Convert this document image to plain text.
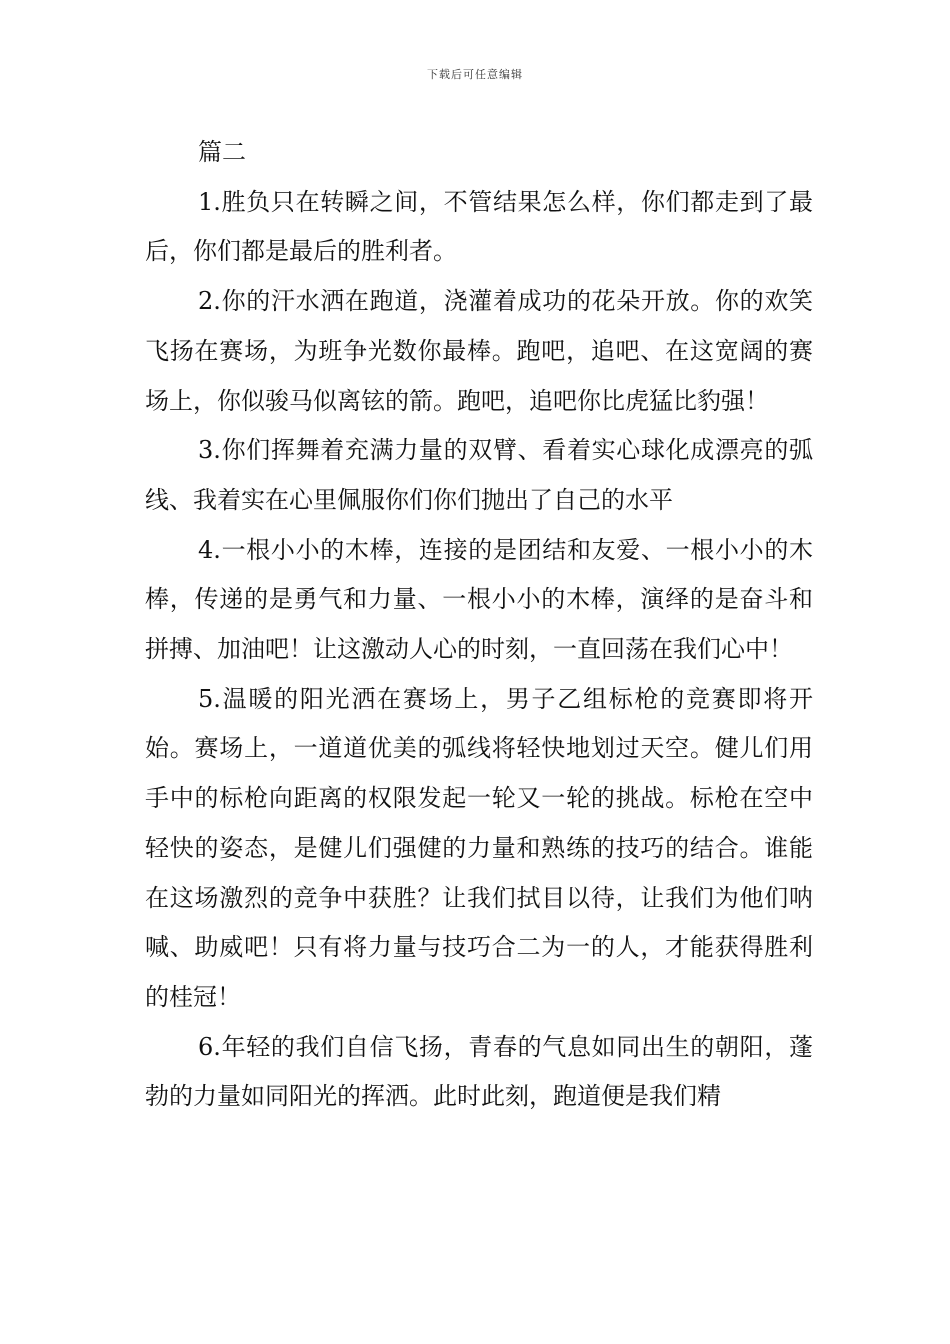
下载后可任意编辑

篇二

1.胜负只在转瞬之间，不管结果怎么样，你们都走到了最后，你们都是最后的胜利者。

2.你的汗水洒在跑道，浇灌着成功的花朵开放。你的欢笑飞扬在赛场，为班争光数你最棒。跑吧，追吧、在这宽阔的赛场上，你似骏马似离铉的箭。跑吧，追吧你比虎猛比豹强！

3.你们挥舞着充满力量的双臂、看着实心球化成漂亮的弧线、我着实在心里佩服你们你们抛出了自己的水平

4.一根小小的木棒，连接的是团结和友爱、一根小小的木棒，传递的是勇气和力量、一根小小的木棒，演绎的是奋斗和拼搏、加油吧！让这激动人心的时刻，一直回荡在我们心中！

5.温暖的阳光洒在赛场上，男子乙组标枪的竞赛即将开始。赛场上，一道道优美的弧线将轻快地划过天空。健儿们用手中的标枪向距离的权限发起一轮又一轮的挑战。标枪在空中轻快的姿态，是健儿们强健的力量和熟练的技巧的结合。谁能在这场激烈的竞争中获胜？让我们拭目以待，让我们为他们呐喊、助威吧！只有将力量与技巧合二为一的人，才能获得胜利的桂冠！

6.年轻的我们自信飞扬，青春的气息如同出生的朝阳，蓬勃的力量如同阳光的挥洒。此时此刻，跑道便是我们精
